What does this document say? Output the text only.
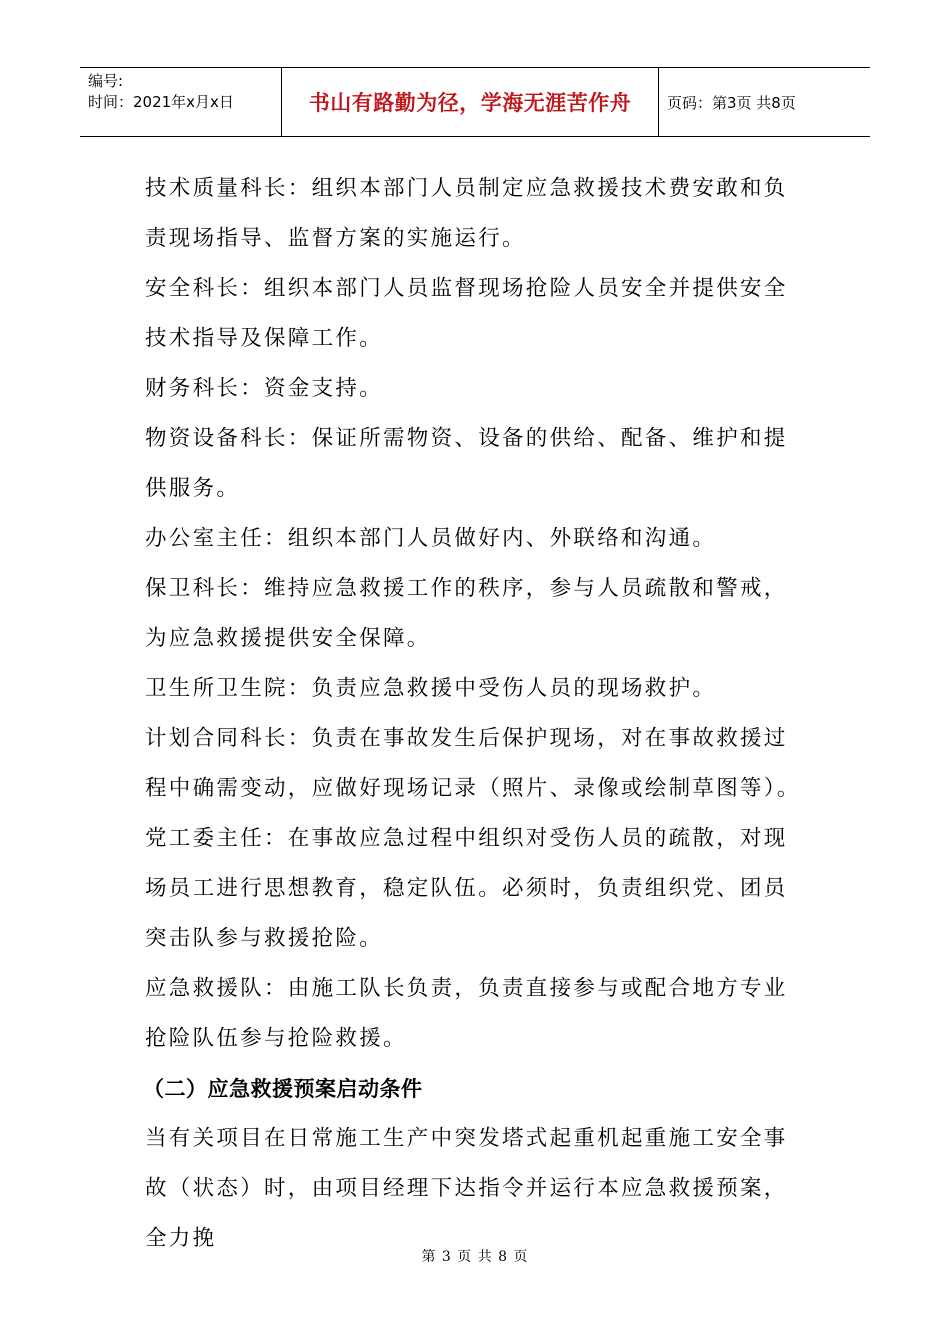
编号:
时间：2021年x月x日	书山有路勤为径，学海无涯苦作舟 页码：第3页 共8页

技术质量科长：组织本部门人员制定应急救援技术费安敢和负责现场指导、监督方案的实施运行。

安全科长：组织本部门人员监督现场抢险人员安全并提供安全技术指导及保障工作。

财务科长：资金支持。

物资设备科长：保证所需物资、设备的供给、配备、维护和提供服务。

办公室主任：组织本部门人员做好内、外联络和沟通。

保卫科长：维持应急救援工作的秩序，参与人员疏散和警戒，为应急救援提供安全保障。

卫生所卫生院：负责应急救援中受伤人员的现场救护。

计划合同科长：负责在事故发生后保护现场，对在事故救援过程中确需变动，应做好现场记录（照片、录像或绘制草图等）。

党工委主任：在事故应急过程中组织对受伤人员的疏散，对现场员工进行思想教育，稳定队伍。必须时，负责组织党、团员突击队参与救援抢险。

应急救援队：由施工队长负责，负责直接参与或配合地方专业抢险队伍参与抢险救援。

（二）应急救援预案启动条件

当有关项目在日常施工生产中突发塔式起重机起重施工安全事故（状态）时，由项目经理下达指令并运行本应急救援预案，全力挽

第 3 页 共 8 页
